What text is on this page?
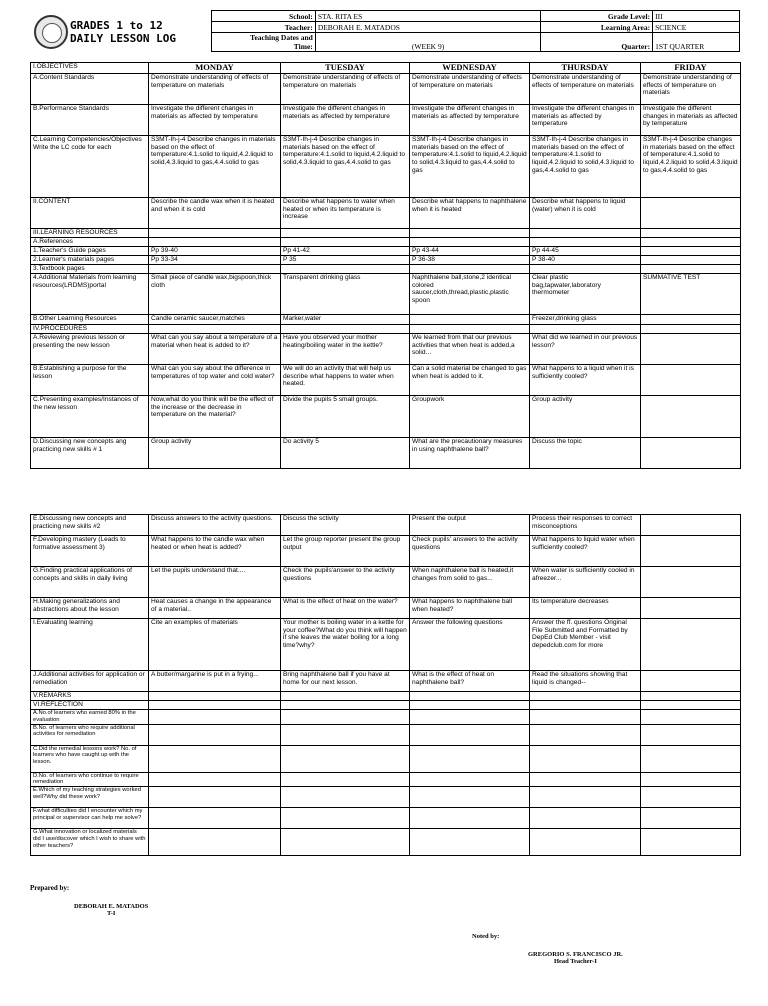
GRADES 1 to 12
DAILY LESSON LOG
School:	STA. RITA ES	Grade Level:	III
Teacher:	DEBORAH E. MATADOS	Learning Area:	SCIENCE

Teaching Dates and
Time:	(WEEK 9)	Quarter:	1ST QUARTER
I.OBJECTIVES	MONDAY	TUESDAY	WEDNESDAY	THURSDAY	FRIDAY
A.Content Standards	Demonstrate understanding of effects of temperature on materials	Demonstrate understanding of effects of temperature on materials	Demonstrate understanding of effects of temperature on materials	Demonstrate understanding of effects of temperature on materials	Demonstrate understanding of effects of temperature on materials
B.Performance Standards	Investigate the different changes in materials as affected by temperature	Investigate the different changes in materials as affected by temperature	Investigate the different changes in materials as affected by temperature	Investigate the different changes in materials as affected by temperature	Investigate the different changes in materials as affected by temperature
C.Learning Competencies/Objectives Write the LC code for each	S3MT-Ih-j-4 Describe changes in materials based on the effect of temperature:4.1.solid to liquid,4.2.liquid to solid,4.3.liquid to gas,4.4.solid to gas	S3MT-Ih-j-4 Describe changes in materials based on the effect of temperature:4.1.solid to liquid,4.2.liquid to solid,4.3.liquid to gas,4.4.solid to gas	S3MT-Ih-j-4 Describe changes in materials based on the effect of temperature:4.1.solid to liquid,4.2.liquid to solid,4.3.liquid to gas,4.4.solid to gas	S3MT-Ih-j-4 Describe changes in materials based on the effect of temperature:4.1.solid to liquid,4.2.liquid to solid,4.3.liquid to gas,4.4.solid to gas	S3MT-Ih-j-4 Describe changes in materials based on the effect of temperature:4.1.solid to liquid,4.2.liquid to solid,4.3.liquid to gas,4.4.solid to gas
II.CONTENT	Describe the candle wax when it is heated and when it is cold	Describe what happens to water when heated or when its temperature is increase	Describe what happens to naphthalene when it is heated	Describe what happens to liquid (water) when it is cold	
III.LEARNING RESOURCES					
A.References					
1.Teacher's Guide pages	Pp 39-40	Pp 41-42	Pp 43-44	Pp 44-45	
2.Learner's materials pages	Pp 33-34	P 35	P 36-38	P 38-40	
3.Textbook pages					
4.Additional Materials from learning resources(LRDMS)portal	Small piece of candle wax,bigspoon,thick cloth	Transparent drinking glass	Naphthalene ball,stone,2 identical colored saucer,cloth,thread,plastic,plastic spoon	Clear plastic bag,tapwater,laboratory thermometer	SUMMATIVE TEST
B.Other Learning Resources	Candle ceramic saucer,matches	Marker,water		Freezer,drinking glass	
IV.PROCEDURES					
A.Reviewing previous lesson or presenting the new lesson	What can you say about a temperature of a material when heat is added to it?	Have you observed your mother heating/boiling water in the kettle?	We learned from that our previous activities that when heat is added,a solid...	What did we learned in our previous lesson?	
B.Establishing a purpose for the lesson	What can you say about the difference in temperatures of top water and cold water?	We will do an activity that will help us describe what happens to water when heated.	Can a solid material be changed to gas when heat is added to it.	What happens to a liquid when it is sufficiently cooled?	
C.Presenting examples/Instances of the new lesson	Now,what do you think will be the effect of the increase or the decrease in temperature on the material?	Divide the pupils 5 small groups.	Groupwork	Group activity	
D.Discussing new concepts ang practicing new skills # 1	Group activity	Do activity 5	What are the precautionary measures in using naphthalene ball?	Discuss the topic	
E.Discussing new concepts and practicing new skills #2	Discuss answers to the activity questions.	Discuss the sctivity	Present the output	Process their responses to correct misconceptions	
F.Developing mastery (Leads to formative assessment 3)	What happens to the candle wax when heated or when heat is added?	Let the group reporter present the group output	Check pupils' answers to the activity questions	What happens to liquid water when sufficiently cooled?	
G.Finding practical applications of concepts and skills in daily living	Let the pupils understand that....	Check the pupils'answer to the activity questions	When naphthalene ball is heated,it changes from solid to gas...	When water is sufficiently cooled in afreezer...	
H.Making generalizations and abstractions about the lesson	Heat causes a change in the appearance of a material..	What is the effect of heat on the water?	What happens to naphthalene ball when heated?	Its temperature decreases	
I.Evaluating learning	Cite an examples of materials	Your mother is boiling water in a kettle for your coffee?What do you think will happen if she leaves the water boiling for a long time?why?	Answer the following questions	Answer the ff. questions Original File Submitted and Formatted by DepEd Club Member - visit depedclub.com for more	
J.Additional activities for application or remediation	A butter/margarine is put in a frying...	Bring naphthalene ball if you have at home for our next lesson.	What is the effect of heat on naphthalene ball?	Read the situations showing that liquid is changed--	
V.REMARKS					
VI.REFLECTION					
A.No.of learners who earned 80% in the evaluation					
B.No. of learners who require additional activities for remediation					
C.Did the remedial lessons work? No. of learners who have caught up with the lesson.					
D.No. of learners who continue to require remediation					
E.Which of my teaching strategies worked well?Why did these work?					
F.what difficulties did I encounter which my principal or supervisor can help me solve?					
G.What innovation or localized materials did I use/discover which I wish to share with other teachers?					
Prepared by:
DEBORAH E. MATADOS
T-I
Noted by:
GREGORIO S. FRANCISCO JR.
Head Teacher-I
